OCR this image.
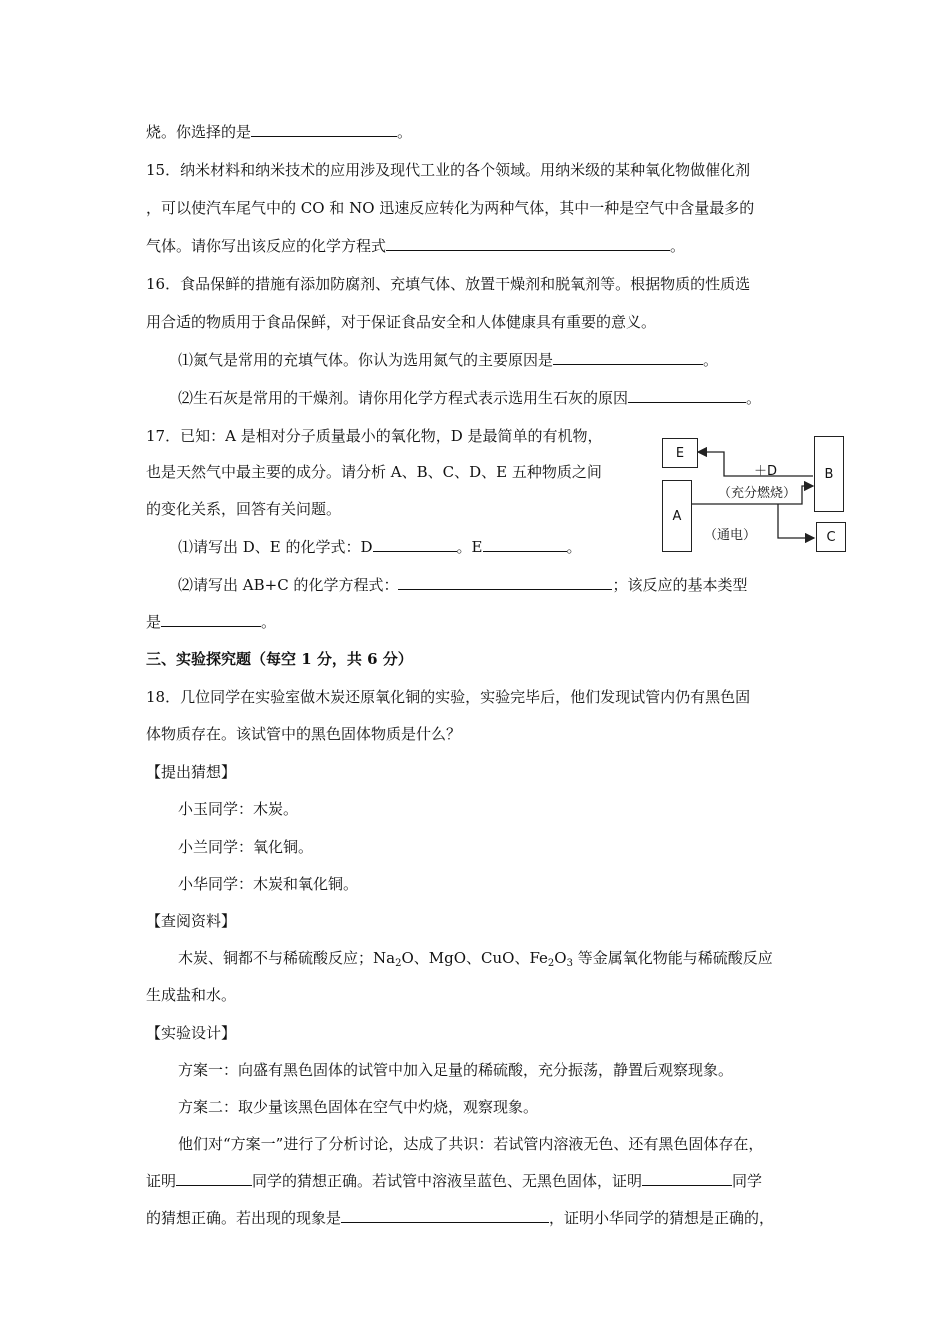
烧。你选择的是	。
15．纳米材料和纳米技术的应用涉及现代工业的各个领域。用纳米级的某种氧化物做催化剂
，可以使汽车尾气中的 CO 和 NO 迅速反应转化为两种气体，其中一种是空气中含量最多的
气体。请你写出该反应的化学方程式	。
16．食品保鲜的措施有添加防腐剂、充填气体、放置干燥剂和脱氧剂等。根据物质的性质选
用合适的物质用于食品保鲜，对于保证食品安全和人体健康具有重要的意义。
⑴氮气是常用的充填气体。你认为选用氮气的主要原因是	。
⑵生石灰是常用的干燥剂。请你用化学方程式表示选用生石灰的原因	。
17．已知：A 是相对分子质量最小的氧化物，D 是最简单的有机物，
也是天然气中最主要的成分。请分析 A、B、C、D、E 五种物质之间
的变化关系，回答有关问题。
⑴请写出 D、E 的化学式：D	。E	。
⑵请写出 AB+C 的化学方程式：	；该反应的基本类型
是	。
E
B
A
C
＋D
（充分燃烧）
（通电）
三、实验探究题（每空 1 分，共 6 分）
18．几位同学在实验室做木炭还原氧化铜的实验，实验完毕后，他们发现试管内仍有黑色固
体物质存在。该试管中的黑色固体物质是什么？
【提出猜想】
小玉同学：木炭。
小兰同学：氧化铜。
小华同学：木炭和氧化铜。
【查阅资料】
木炭、铜都不与稀硫酸反应；$Na_2O$、MgO、CuO、$Fe_2O_3$ 等金属氧化物能与稀硫酸反应
生成盐和水。
【实验设计】
方案一：向盛有黑色固体的试管中加入足量的稀硫酸，充分振荡，静置后观察现象。
方案二：取少量该黑色固体在空气中灼烧，观察现象。
他们对“方案一”进行了分析讨论，达成了共识：若试管内溶液无色、还有黑色固体存在，
证明	同学的猜想正确。若试管中溶液呈蓝色、无黑色固体，证明	同学
的猜想正确。若出现的现象是	，证明小华同学的猜想是正确的，
